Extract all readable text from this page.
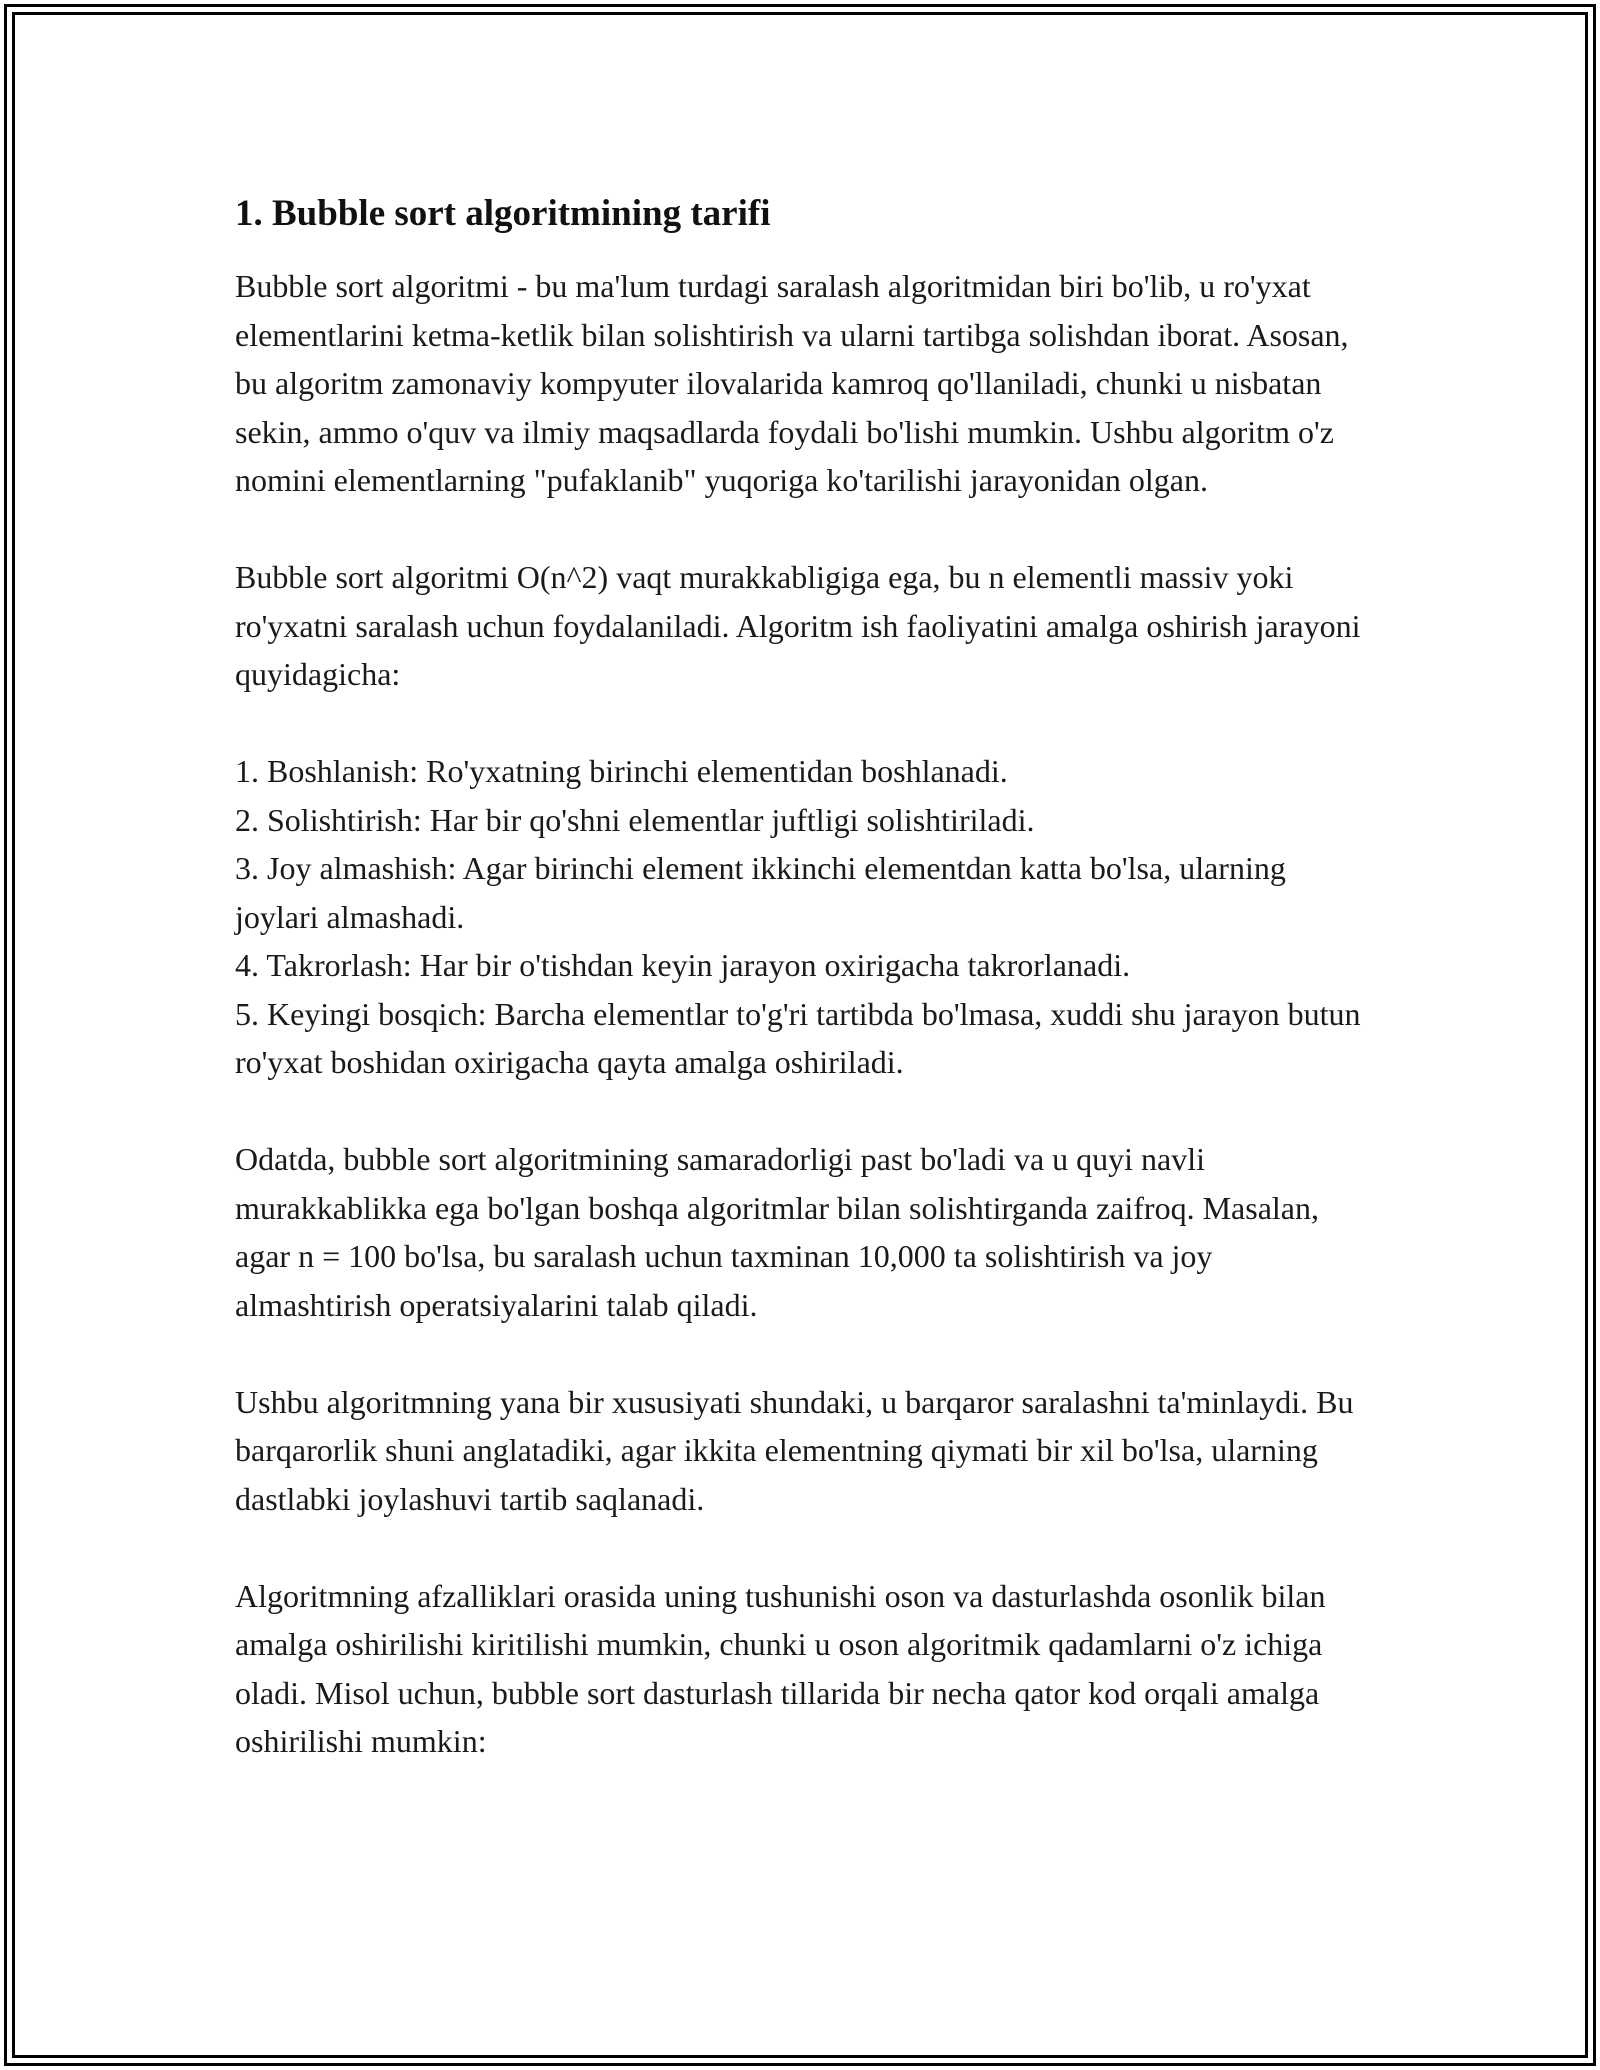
1. Bubble sort algoritmining tarifi

Bubble sort algoritmi - bu ma'lum turdagi saralash algoritmidan biri bo'lib, u ro'yxat elementlarini ketma-ketlik bilan solishtirish va ularni tartibga solishdan iborat. Asosan, bu algoritm zamonaviy kompyuter ilovalarida kamroq qo'llaniladi, chunki u nisbatan sekin, ammo o'quv va ilmiy maqsadlarda foydali bo'lishi mumkin. Ushbu algoritm o'z nomini elementlarning "pufaklanib" yuqoriga ko'tarilishi jarayonidan olgan.

Bubble sort algoritmi O(n^2) vaqt murakkabligiga ega, bu n elementli massiv yoki ro'yxatni saralash uchun foydalaniladi. Algoritm ish faoliyatini amalga oshirish jarayoni quyidagicha:

1. Boshlanish: Ro'yxatning birinchi elementidan boshlanadi.

2. Solishtirish: Har bir qo'shni elementlar juftligi solishtiriladi.

3. Joy almashish: Agar birinchi element ikkinchi elementdan katta bo'lsa, ularning joylari almashadi.

4. Takrorlash: Har bir o'tishdan keyin jarayon oxirigacha takrorlanadi.

5. Keyingi bosqich: Barcha elementlar to'g'ri tartibda bo'lmasa, xuddi shu jarayon butun ro'yxat boshidan oxirigacha qayta amalga oshiriladi.

Odatda, bubble sort algoritmining samaradorligi past bo'ladi va u quyi navli murakkablikka ega bo'lgan boshqa algoritmlar bilan solishtirganda zaifroq. Masalan, agar n = 100 bo'lsa, bu saralash uchun taxminan 10,000 ta solishtirish va joy almashtirish operatsiyalarini talab qiladi.

Ushbu algoritmning yana bir xususiyati shundaki, u barqaror saralashni ta'minlaydi. Bu barqarorlik shuni anglatadiki, agar ikkita elementning qiymati bir xil bo'lsa, ularning dastlabki joylashuvi tartib saqlanadi.

Algoritmning afzalliklari orasida uning tushunishi oson va dasturlashda osonlik bilan amalga oshirilishi kiritilishi mumkin, chunki u oson algoritmik qadamlarni o'z ichiga oladi. Misol uchun, bubble sort dasturlash tillarida bir necha qator kod orqali amalga oshirilishi mumkin:
